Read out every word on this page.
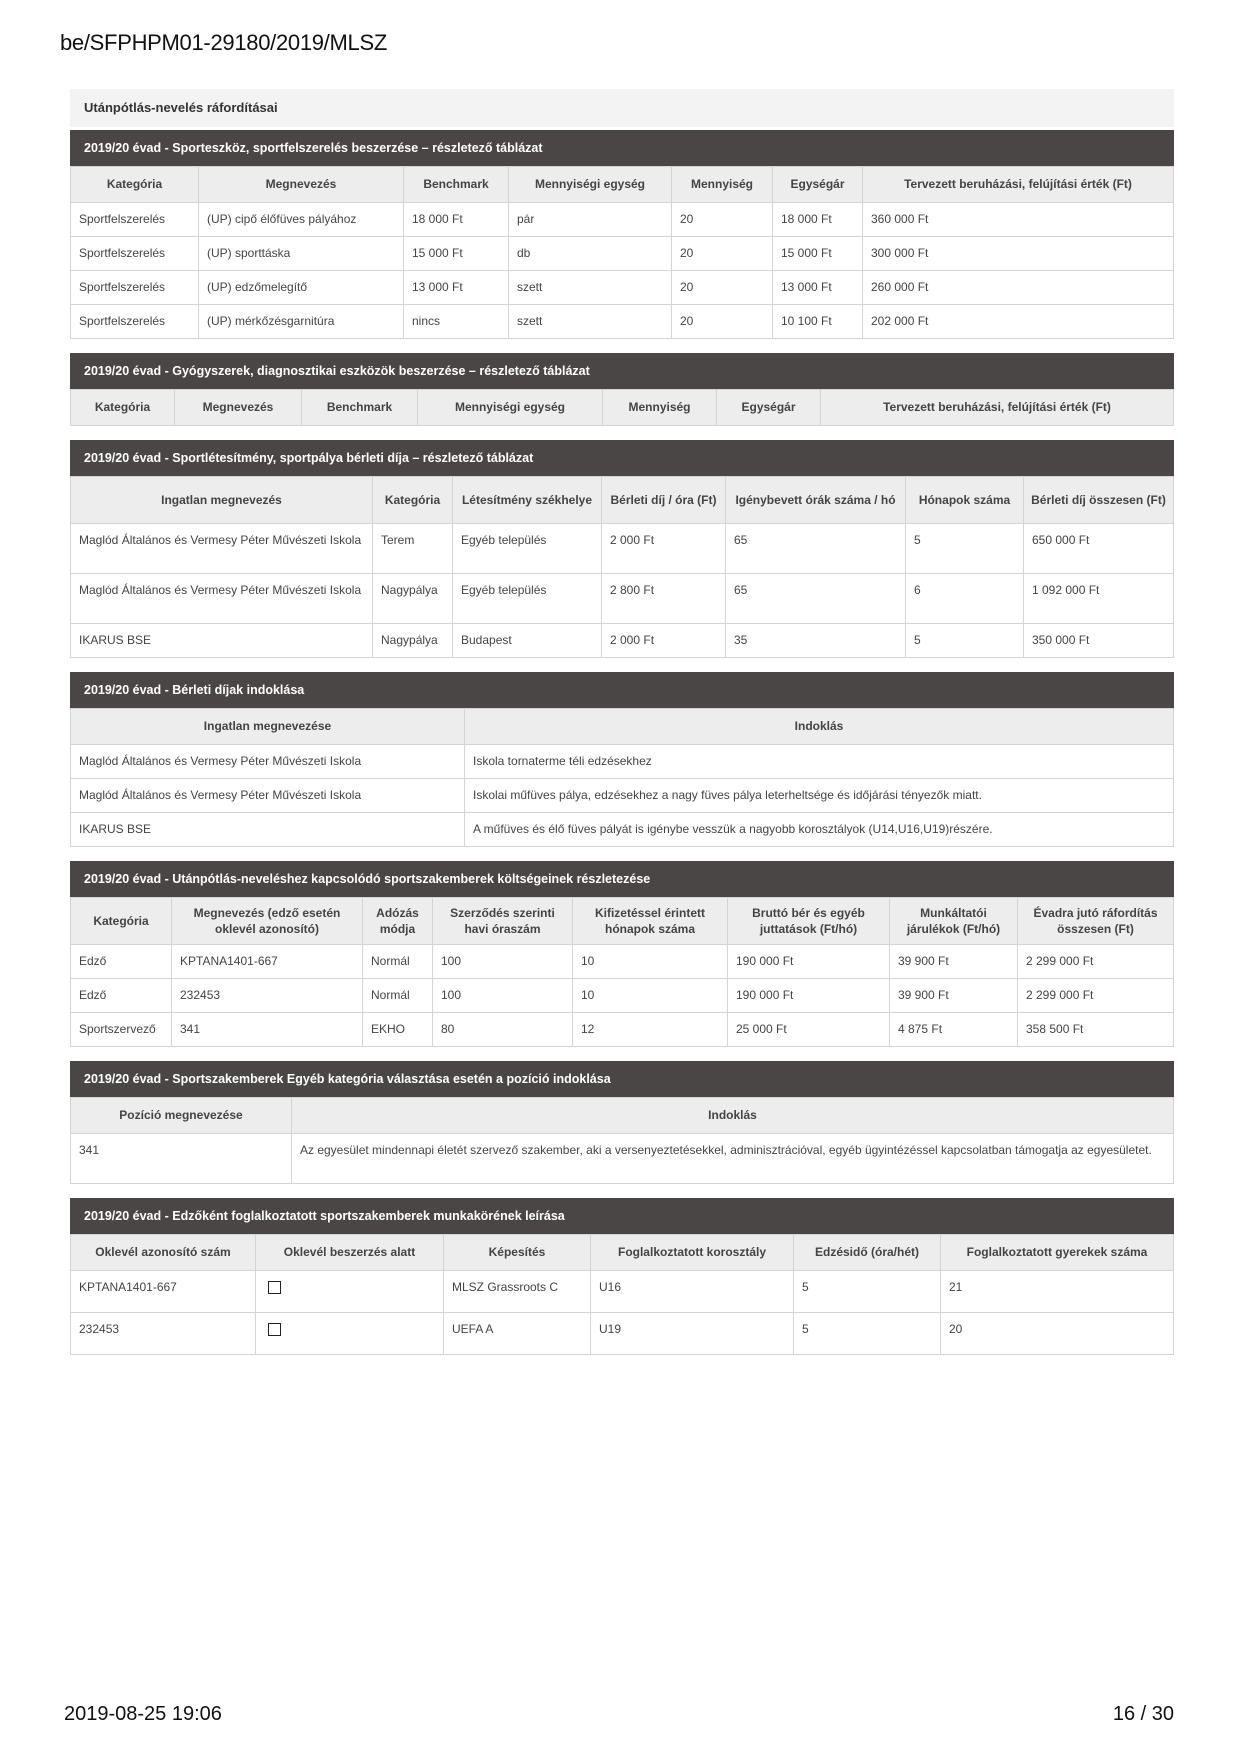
be/SFPHPM01-29180/2019/MLSZ
Utánpótlás-nevelés ráfordításai
2019/20 évad - Sporteszköz, sportfelszerelés beszerzése – részletező táblázat
Kategória	Megnevezés	Benchmark	Mennyiségi egység	Mennyiség	Egységár	Tervezett beruházási, felújítási érték (Ft)
Sportfelszerelés	(UP) cipő élőfüves pályához	18 000 Ft	pár	20	18 000 Ft	360 000 Ft
Sportfelszerelés	(UP) sporttáska	15 000 Ft	db	20	15 000 Ft	300 000 Ft
Sportfelszerelés	(UP) edzőmelegítő	13 000 Ft	szett	20	13 000 Ft	260 000 Ft
Sportfelszerelés	(UP) mérkőzésgarnitúra	nincs	szett	20	10 100 Ft	202 000 Ft
2019/20 évad - Gyógyszerek, diagnosztikai eszközök beszerzése – részletező táblázat
Kategória	Megnevezés	Benchmark	Mennyiségi egység	Mennyiség	Egységár	Tervezett beruházási, felújítási érték (Ft)
2019/20 évad - Sportlétesítmény, sportpálya bérleti díja – részletező táblázat
Ingatlan megnevezés	Kategória	Létesítmény székhelye	Bérleti díj / óra (Ft)	Igénybevett órák száma / hó	Hónapok száma	Bérleti díj összesen (Ft)
Maglód Általános és Vermesy Péter Művészeti Iskola	Terem	Egyéb település	2 000 Ft	65	5	650 000 Ft
Maglód Általános és Vermesy Péter Művészeti Iskola	Nagypálya	Egyéb település	2 800 Ft	65	6	1 092 000 Ft
IKARUS BSE	Nagypálya	Budapest	2 000 Ft	35	5	350 000 Ft
2019/20 évad - Bérleti díjak indoklása
Ingatlan megnevezése	Indoklás
Maglód Általános és Vermesy Péter Művészeti Iskola	Iskola tornaterme téli edzésekhez
Maglód Általános és Vermesy Péter Művészeti Iskola	Iskolai műfüves pálya, edzésekhez a nagy füves pálya leterheltsége és időjárási tényezők miatt.
IKARUS BSE	A műfüves és élő füves pályát is igénybe vesszük a nagyobb korosztályok (U14,U16,U19)részére.
2019/20 évad - Utánpótlás-neveléshez kapcsolódó sportszakemberek költségeinek részletezése
Kategória	Megnevezés (edző esetén oklevél azonosító)	Adózás módja	Szerződés szerinti havi óraszám	Kifizetéssel érintett hónapok száma	Bruttó bér és egyéb juttatások (Ft/hó)	Munkáltatói járulékok (Ft/hó)	Évadra jutó ráfordítás összesen (Ft)
Edző	KPTANA1401-667	Normál	100	10	190 000 Ft	39 900 Ft	2 299 000 Ft
Edző	232453	Normál	100	10	190 000 Ft	39 900 Ft	2 299 000 Ft
Sportszervező	341	EKHO	80	12	25 000 Ft	4 875 Ft	358 500 Ft
2019/20 évad - Sportszakemberek Egyéb kategória választása esetén a pozíció indoklása
Pozíció megnevezése	Indoklás
341	Az egyesület mindennapi életét szervező szakember, aki a versenyeztetésekkel, adminisztrációval, egyéb ügyintézéssel kapcsolatban támogatja az egyesületet.
2019/20 évad - Edzőként foglalkoztatott sportszakemberek munkakörének leírása
Oklevél azonosító szám	Oklevél beszerzés alatt	Képesítés	Foglalkoztatott korosztály	Edzésidő (óra/hét)	Foglalkoztatott gyerekek száma
KPTANA1401-667		MLSZ Grassroots C	U16	5	21
232453		UEFA A	U19	5	20
2019-08-25 19:06	16 / 30
